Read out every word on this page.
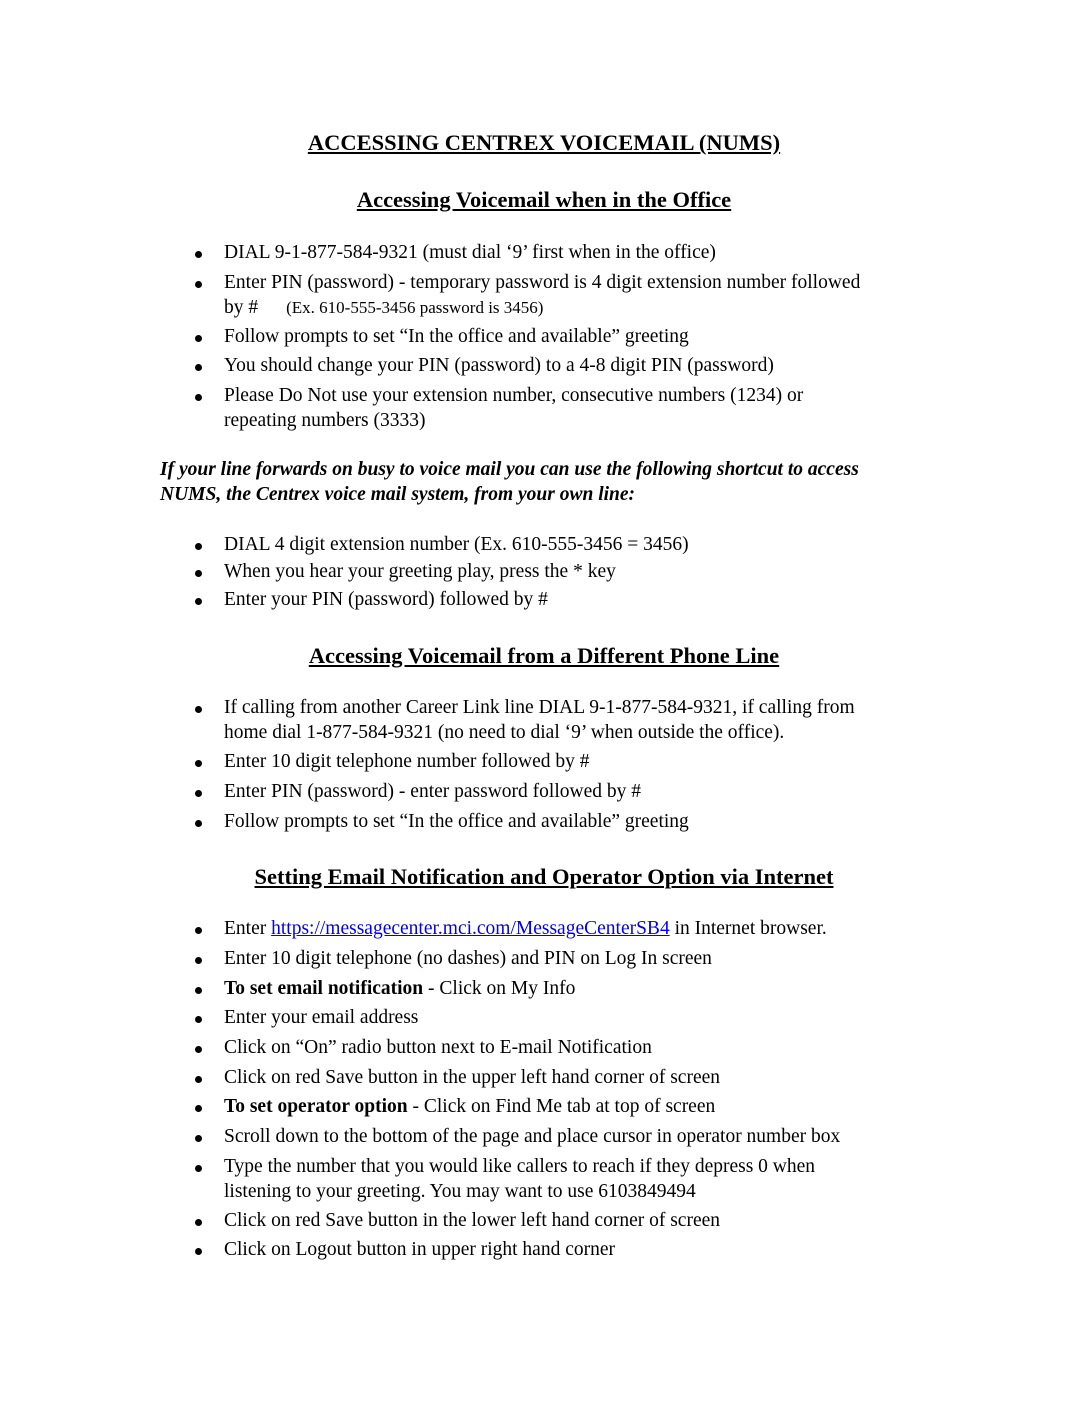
ACCESSING CENTREX VOICEMAIL (NUMS)
Accessing Voicemail when in the Office
DIAL 9-1-877-584-9321 (must dial ‘9’ first when in the office)
Enter PIN (password) - temporary password is 4 digit extension number followed
by # (Ex. 610-555-3456 password is 3456)
Follow prompts to set “In the office and available” greeting
You should change your PIN (password) to a 4-8 digit PIN (password)
Please Do Not use your extension number, consecutive numbers (1234) or
repeating numbers (3333)

If your line forwards on busy to voice mail you can use the following shortcut to access
NUMS, the Centrex voice mail system, from your own line:

DIAL 4 digit extension number (Ex. 610-555-3456 = 3456)
When you hear your greeting play, press the * key
Enter your PIN (password) followed by #
Accessing Voicemail from a Different Phone Line
If calling from another Career Link line DIAL 9-1-877-584-9321, if calling from
home dial 1-877-584-9321 (no need to dial ‘9’ when outside the office).
Enter 10 digit telephone number followed by #
Enter PIN (password) - enter password followed by #
Follow prompts to set “In the office and available” greeting
Setting Email Notification and Operator Option via Internet
Enter https://messagecenter.mci.com/MessageCenterSB4 in Internet browser.
Enter 10 digit telephone (no dashes) and PIN on Log In screen
To set email notification - Click on My Info
Enter your email address
Click on “On” radio button next to E-mail Notification
Click on red Save button in the upper left hand corner of screen
To set operator option - Click on Find Me tab at top of screen
Scroll down to the bottom of the page and place cursor in operator number box
Type the number that you would like callers to reach if they depress 0 when
listening to your greeting. You may want to use 6103849494
Click on red Save button in the lower left hand corner of screen
Click on Logout button in upper right hand corner
